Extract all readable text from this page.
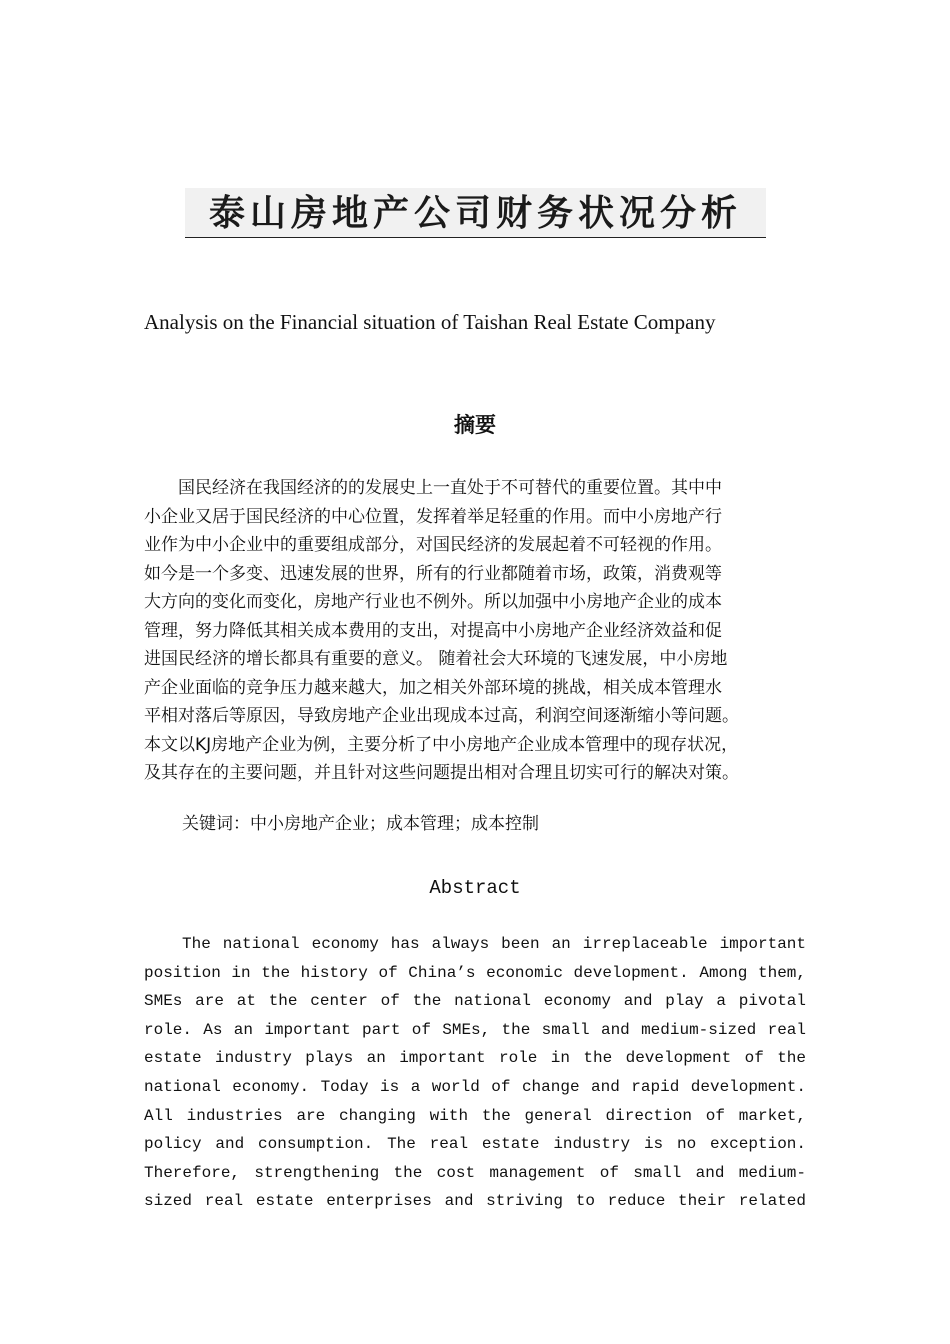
泰山房地产公司财务状况分析
Analysis on the Financial situation of Taishan Real Estate Company
摘要

　　国民经济在我国经济的的发展史上一直处于不可替代的重要位置。其中中
小企业又居于国民经济的中心位置，发挥着举足轻重的作用。而中小房地产行
业作为中小企业中的重要组成部分，对国民经济的发展起着不可轻视的作用。
如今是一个多变、迅速发展的世界，所有的行业都随着市场，政策，消费观等
大方向的变化而变化，房地产行业也不例外。所以加强中小房地产企业的成本
管理，努力降低其相关成本费用的支出，对提高中小房地产企业经济效益和促
进国民经济的增长都具有重要的意义。 随着社会大环境的飞速发展，中小房地
产企业面临的竞争压力越来越大，加之相关外部环境的挑战，相关成本管理水
平相对落后等原因，导致房地产企业出现成本过高，利润空间逐渐缩小等问题。
本文以KJ房地产企业为例，主要分析了中小房地产企业成本管理中的现存状况，
及其存在的主要问题，并且针对这些问题提出相对合理且切实可行的解决对策。

关键词：中小房地产企业；成本管理；成本控制
Abstract

The national economy has always been an irreplaceable important
position in the history of China’s economic development. Among them,
SMEs are at the center of the national economy and play a pivotal
role. As an important part of SMEs, the small and medium-sized real
estate industry plays an important role in the development of the
national economy. Today is a world of change and rapid development.
All industries are changing with the general direction of market,
policy and consumption. The real estate industry is no exception.
Therefore, strengthening the cost management of small and medium-
sized real estate enterprises and striving to reduce their related
